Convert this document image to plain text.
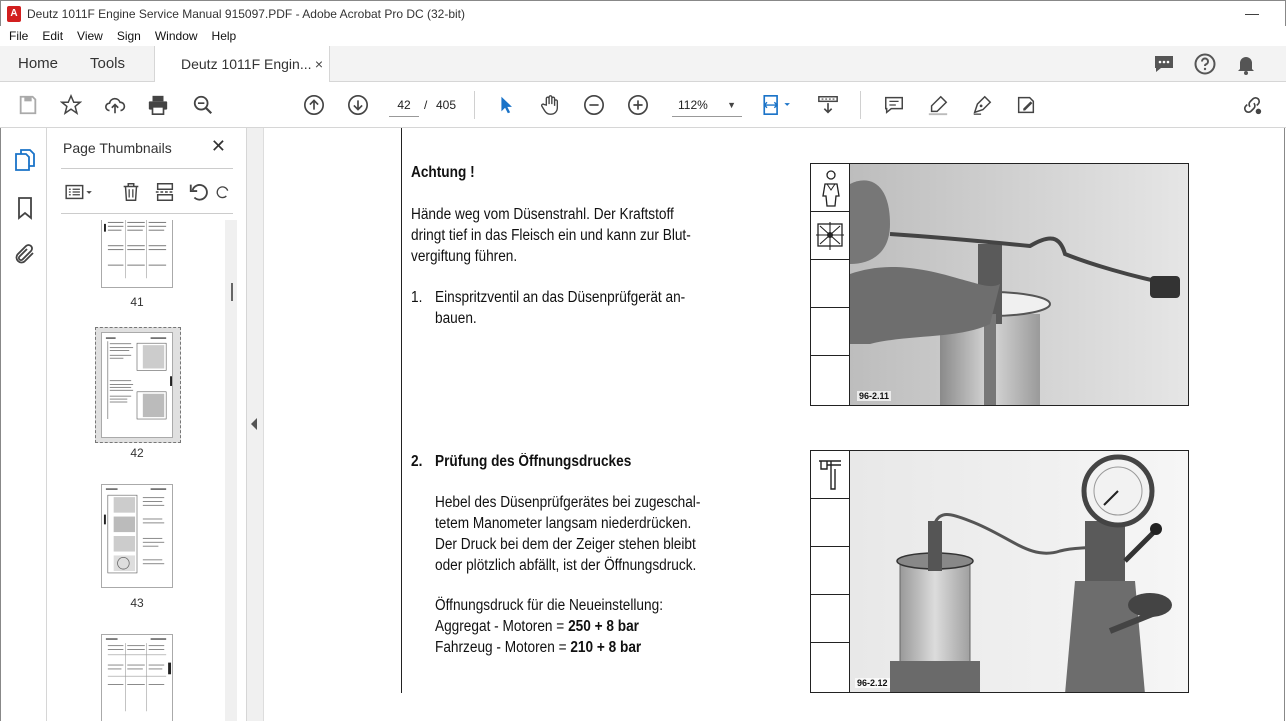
A Deutz 1011F Engine Service Manual 915097.PDF - Adobe Acrobat Pro DC (32-bit)	—
File Edit View Sign Window Help
Home Tools	Deutz 1011F Engin... ×
42	/ 405	112% ▼
Page Thumbnails ✕
41
42
43
Achtung !
Hände weg vom Düsenstrahl. Der Kraftstoff
dringt tief in das Fleisch ein und kann zur Blut-
vergiftung führen.
1. Einspritzventil an das Düsenprüfgerät an-
bauen.
2. Prüfung des Öffnungsdruckes
Hebel des Düsenprüfgerätes bei zugeschal-
tetem Manometer langsam niederdrücken.
Der Druck bei dem der Zeiger stehen bleibt
oder plötzlich abfällt, ist der Öffnungsdruck.
Öffnungsdruck für die Neueinstellung:
Aggregat - Motoren = 250 + 8 bar
Fahrzeug - Motoren = 210 + 8 bar
96-2.11
96-2.12
